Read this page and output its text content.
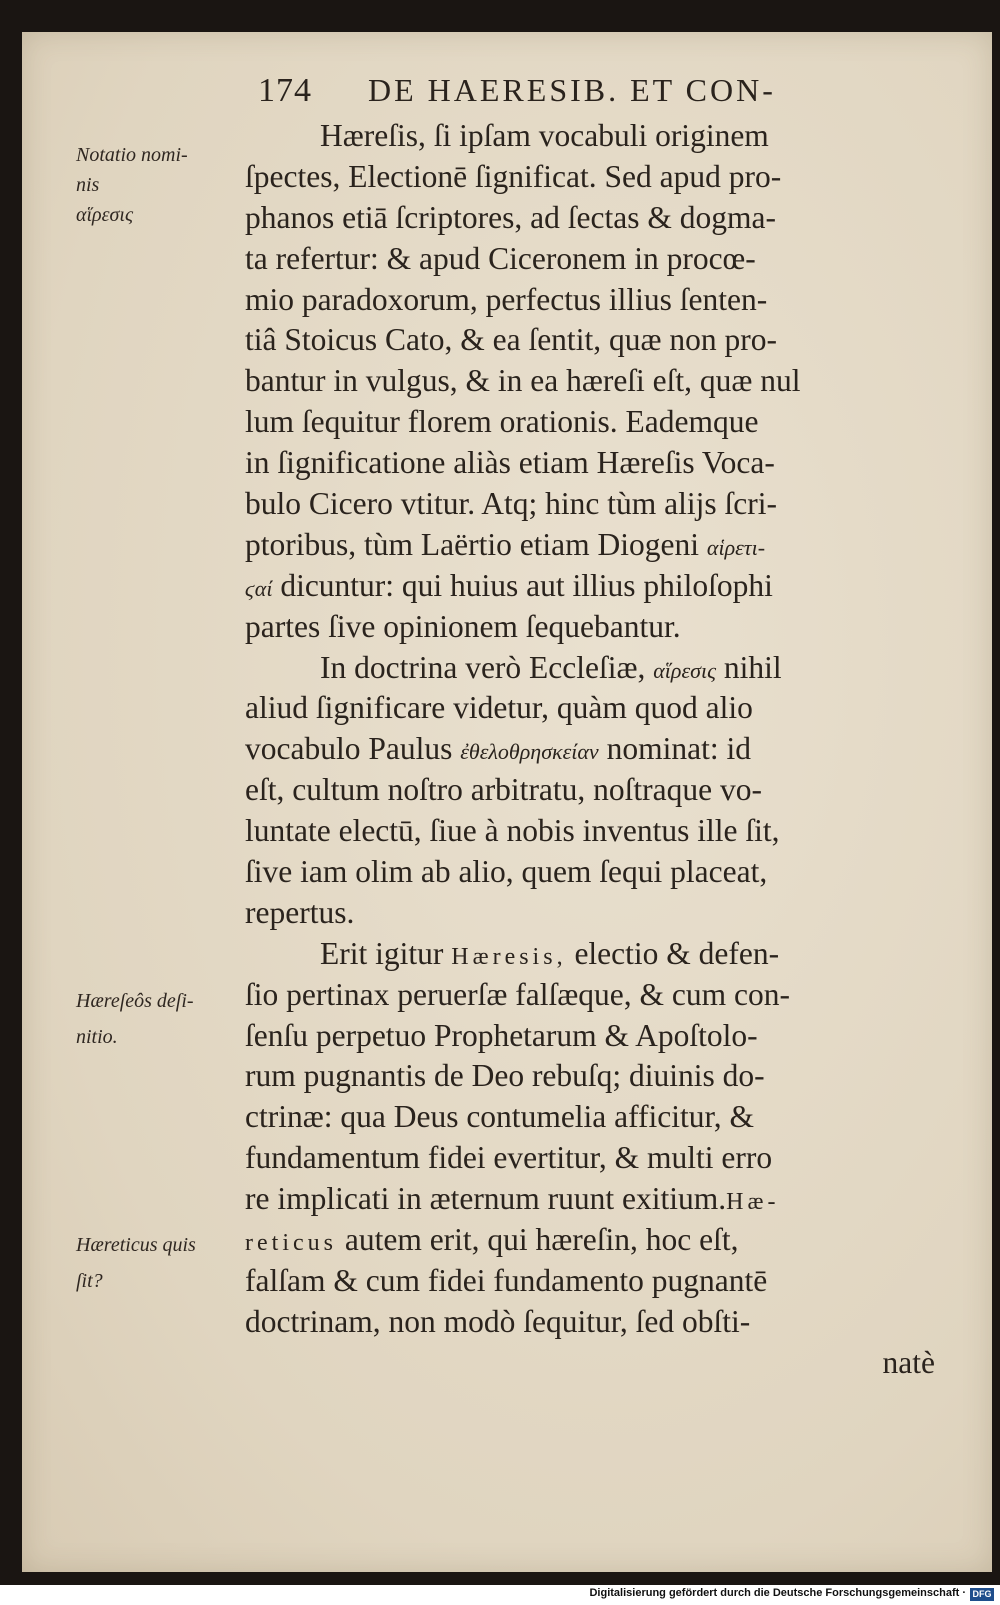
174 DE HAERESIB. ET CON-
Notatio nomi-
nis
αἵρεσις
Hæreſeôs deſi-
nitio.
Hæreticus quis
ſit?
Hæreſis, ſi ipſam vocabuli originem
ſpectes, Electionē ſignificat. Sed apud pro-
phanos etiā ſcriptores, ad ſectas & dogma-
ta refertur: & apud Ciceronem in procœ-
mio paradoxorum, perfectus illius ſenten-
tiâ Stoicus Cato, & ea ſentit, quæ non pro-
bantur in vulgus, & in ea hæreſi eſt, quæ nul
lum ſequitur florem orationis. Eademque
in ſignificatione aliàs etiam Hæreſis Voca-
bulo Cicero vtitur. Atq; hinc tùm alijs ſcri-
ptoribus, tùm Laërtio etiam Diogeni αἱρετι-
ϛαί dicuntur: qui huius aut illius philoſophi
partes ſive opinionem ſequebantur.
In doctrina verò Eccleſiæ, αἵρεσις nihil
aliud ſignificare videtur, quàm quod alio
vocabulo Paulus ἐθελοθρησκείαν nominat: id
eſt, cultum noſtro arbitratu, noſtraque vo-
luntate electū, ſiue à nobis inventus ille ſit,
ſive iam olim ab alio, quem ſequi placeat,
repertus.
Erit igitur Hæresis, electio & defen-
ſio pertinax peruerſæ falſæque, & cum con-
ſenſu perpetuo Prophetarum & Apoſtolo-
rum pugnantis de Deo rebuſq; diuinis do-
ctrinæ: qua Deus contumelia afficitur, &
fundamentum fidei evertitur, & multi erro
re implicati in æternum ruunt exitium.Hæ-
reticus autem erit, qui hæreſin, hoc eſt,
falſam & cum fidei fundamento pugnantē
doctrinam, non modò ſequitur, ſed obſti-
natè
Digitalisierung gefördert durch die Deutsche Forschungsgemeinschaft · DFG
